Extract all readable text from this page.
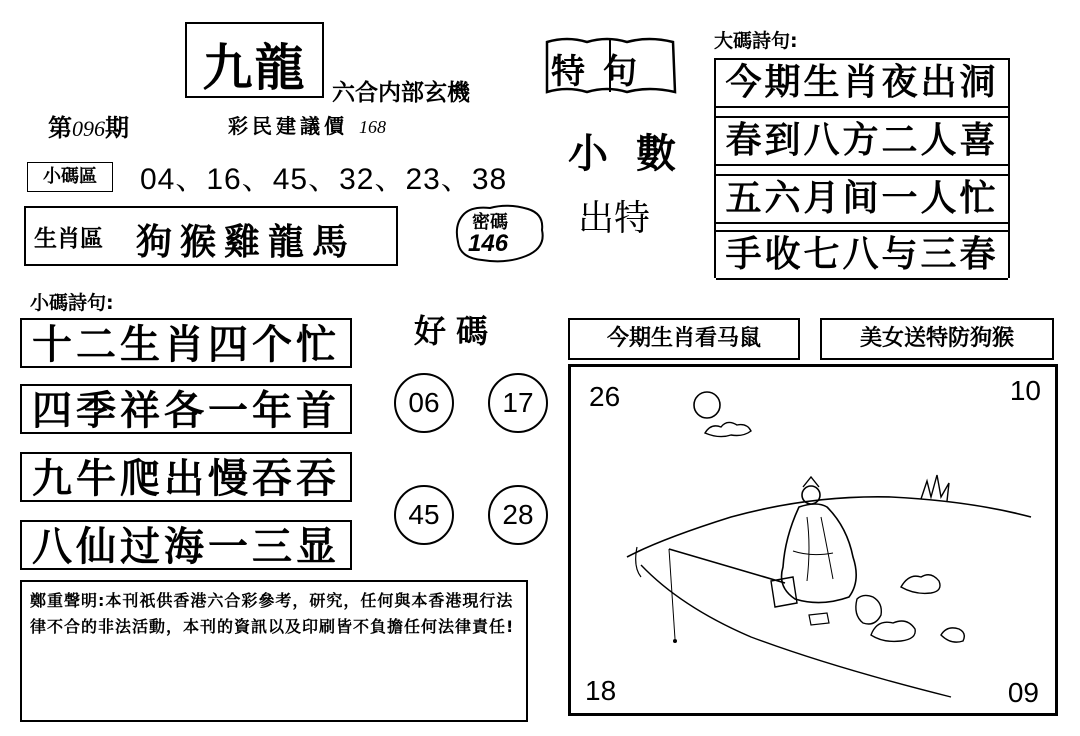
九龍	六合内部玄機
第096期	彩民建議價 168
小碼區	04、16、45、32、23、38
生肖區 狗猴雞龍馬	密碼
146
特句
小數
出特
大碼詩句:
今期生肖夜出洞
春到八方二人喜
五六月间一人忙
手收七八与三春
小碼詩句:
十二生肖四个忙
四季祥各一年首
九牛爬出慢吞吞
八仙过海一三显
好碼
06	17
45	28
今期生肖看马鼠	美女送特防狗猴
26	10
18	09
鄭重聲明:本刊祇供香港六合彩參考，研究，任何與本香港現行法律不合的非法活動，本刊的資訊以及印刷皆不負擔任何法律責任!
